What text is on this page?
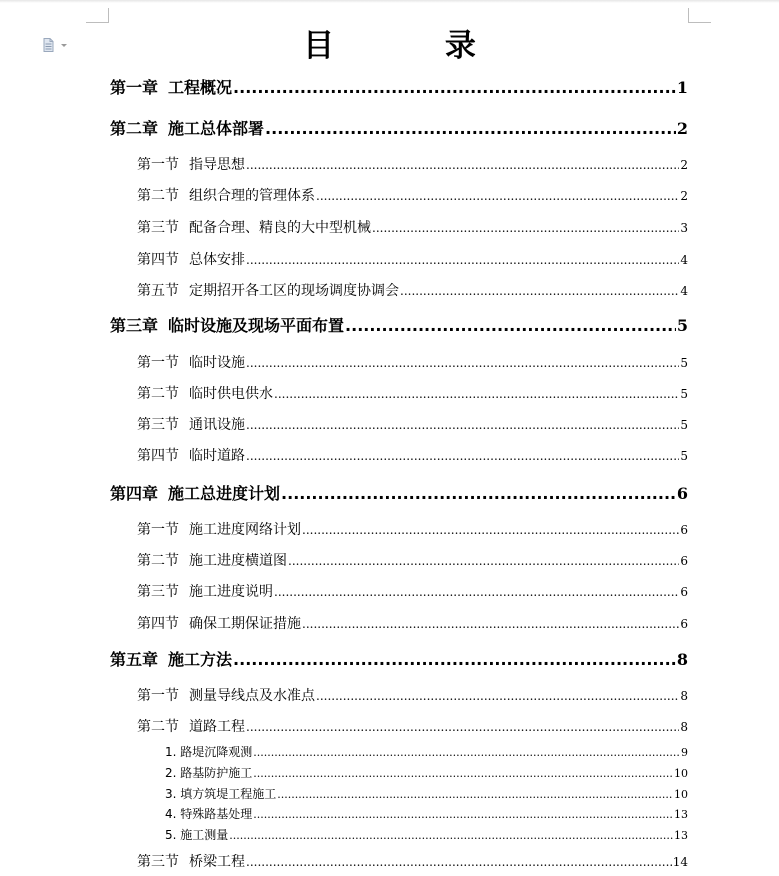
目 录
第一章 工程概况 .....	1
第二章 施工总体部署 .....	2
第一节 指导思想 .....	2
第二节 组织合理的管理体系 .....	2
第三节 配备合理、精良的大中型机械 .....	3
第四节 总体安排 .....	4
第五节 定期招开各工区的现场调度协调会 .....	4
第三章 临时设施及现场平面布置 .....	5
第一节 临时设施 .....	5
第二节 临时供电供水 .....	5
第三节 通讯设施 .....	5
第四节 临时道路 .....	5
第四章 施工总进度计划 .....	6
第一节 施工进度网络计划 .....	6
第二节 施工进度横道图 .....	6
第三节 施工进度说明 .....	6
第四节 确保工期保证措施 .....	6
第五章 施工方法 .....	8
第一节 测量导线点及水准点 .....	8
第二节 道路工程 .....	8
1. 路堤沉降观测 .....	9
2. 路基防护施工 .....	10
3. 填方筑堤工程施工 .....	10
4. 特殊路基处理 .....	13
5. 施工测量 .....	13
第三节 桥梁工程 .....	14
